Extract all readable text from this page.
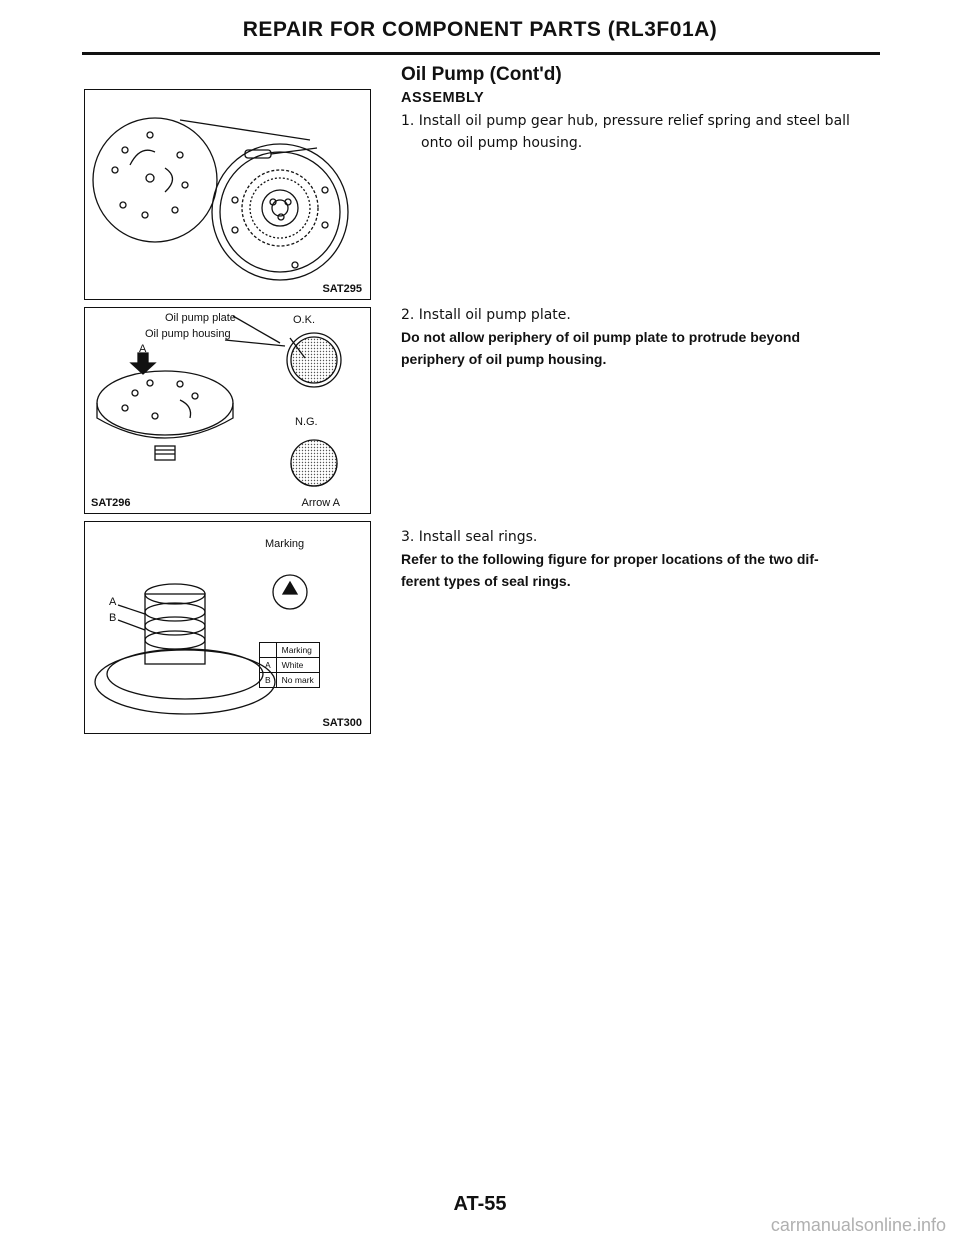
REPAIR FOR COMPONENT PARTS (RL3F01A)
SAT295
Oil pump plate
Oil pump housing
A
O.K.
N.G.
SAT296	Arrow A
Marking
A
B
	Marking
A	White
B	No mark
SAT300
Oil Pump (Cont'd)
ASSEMBLY
1. Install oil pump gear hub, pressure relief spring and steel ball
onto oil pump housing.
2. Install oil pump plate.
Do not allow periphery of oil pump plate to protrude beyond
periphery of oil pump housing.
3. Install seal rings.
Refer to the following figure for proper locations of the two dif-
ferent types of seal rings.
AT-55
carmanualsonline.info
